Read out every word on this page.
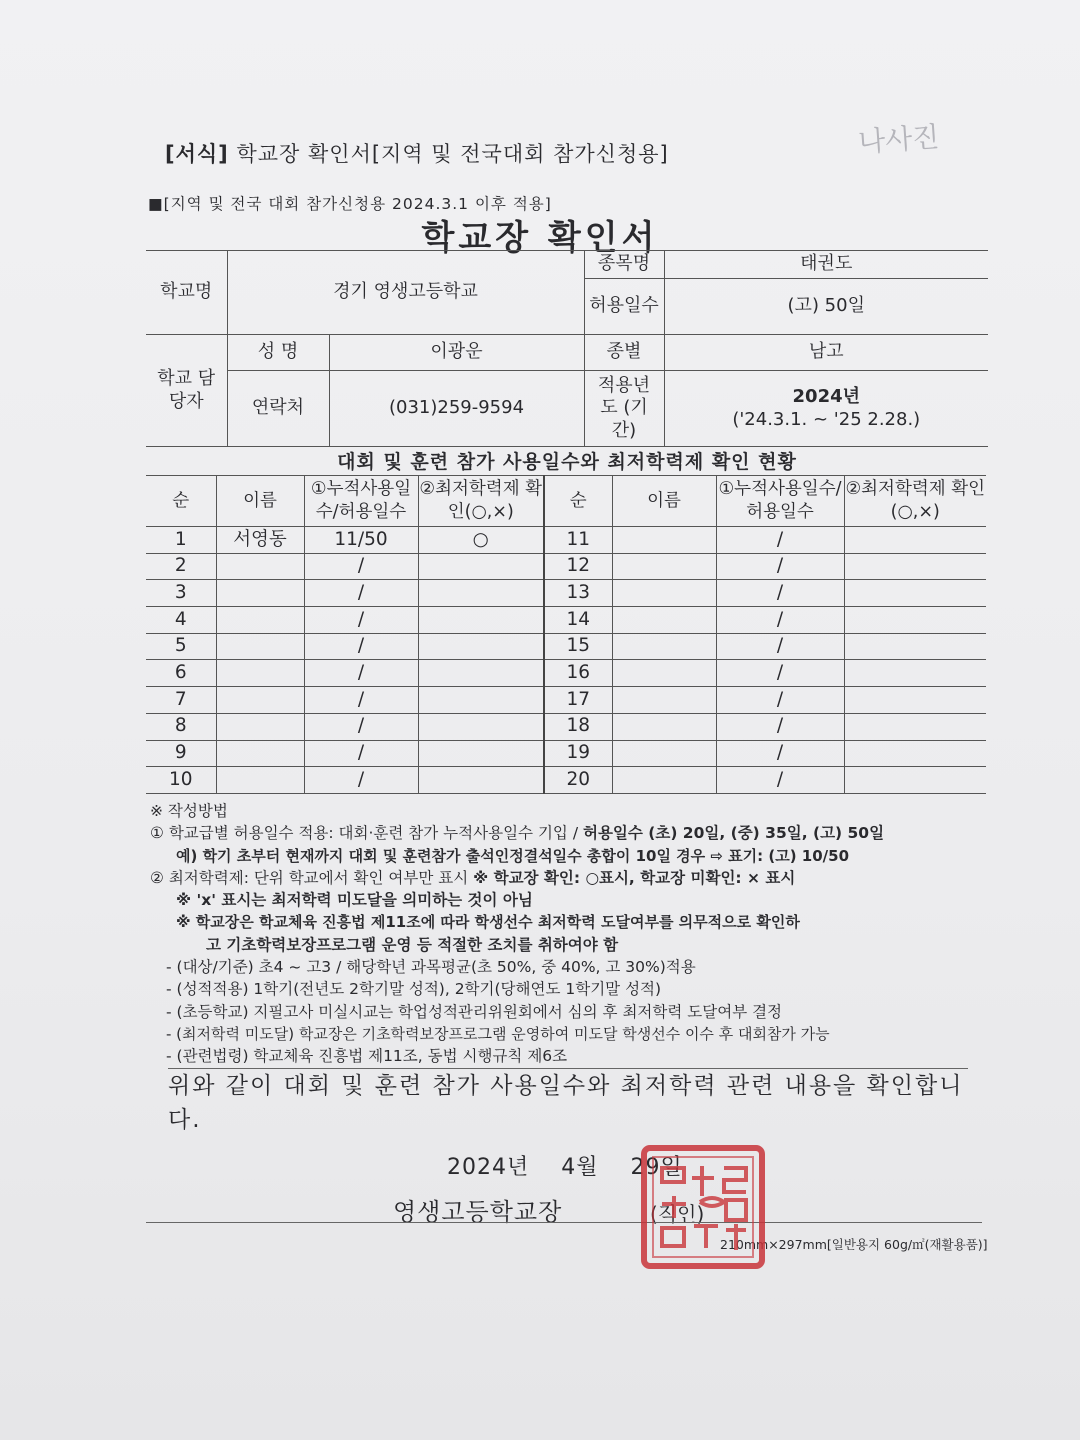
[서식] 학교장 확인서[지역 및 전국대회 참가신청용]	나사진
■[지역 및 전국 대회 참가신청용 2024.3.1 이후 적용]
학교장 확인서
학교명	경기 영생고등학교		종목명	태권도
			허용일수	(고) 50일
학교 담당자	성 명	이광운	종별	남고
	연락처	(031)259-9594	적용년도 (기간)	2024년
('24.3.1. ~ '25 2.28.)
대회 및 훈련 참가 사용일수와 최저학력제 확인 현황
순	이름	①누적사용일수/허용일수	②최저학력제 확인(○,×)	순	이름	①누적사용일수/허용일수	②최저학력제 확인(○,×)
1	서영동	11/50	○	11		/	
2		/		12		/	
3		/		13		/	
4		/		14		/	
5		/		15		/	
6		/		16		/	
7		/		17		/	
8		/		18		/	
9		/		19		/	
10		/		20		/	
※ 작성방법
① 학교급별 허용일수 적용: 대회·훈련 참가 누적사용일수 기입 / 허용일수 (초) 20일, (중) 35일, (고) 50일
예) 학기 초부터 현재까지 대회 및 훈련참가 출석인정결석일수 총합이 10일 경우 ⇨ 표기: (고) 10/50
② 최저학력제: 단위 학교에서 확인 여부만 표시 ※ 학교장 확인: ○표시, 학교장 미확인: × 표시
※ 'x' 표시는 최저학력 미도달을 의미하는 것이 아님
※ 학교장은 학교체육 진흥법 제11조에 따라 학생선수 최저학력 도달여부를 의무적으로 확인하
고 기초학력보장프로그램 운영 등 적절한 조치를 취하여야 함
- (대상/기준) 초4 ~ 고3 / 해당학년 과목평균(초 50%, 중 40%, 고 30%)적용
- (성적적용) 1학기(전년도 2학기말 성적), 2학기(당해연도 1학기말 성적)
- (초등학교) 지필고사 미실시교는 학업성적관리위원회에서 심의 후 최저학력 도달여부 결정
- (최저학력 미도달) 학교장은 기초학력보장프로그램 운영하여 미도달 학생선수 이수 후 대회참가 가능
- (관련법령) 학교체육 진흥법 제11조, 동법 시행규칙 제6조
위와 같이 대회 및 훈련 참가 사용일수와 최저학력 관련 내용을 확인합니다.
2024년 4월 29일
영생고등학교장	(직인)
210mm×297mm[일반용지 60g/㎡(재활용품)]
